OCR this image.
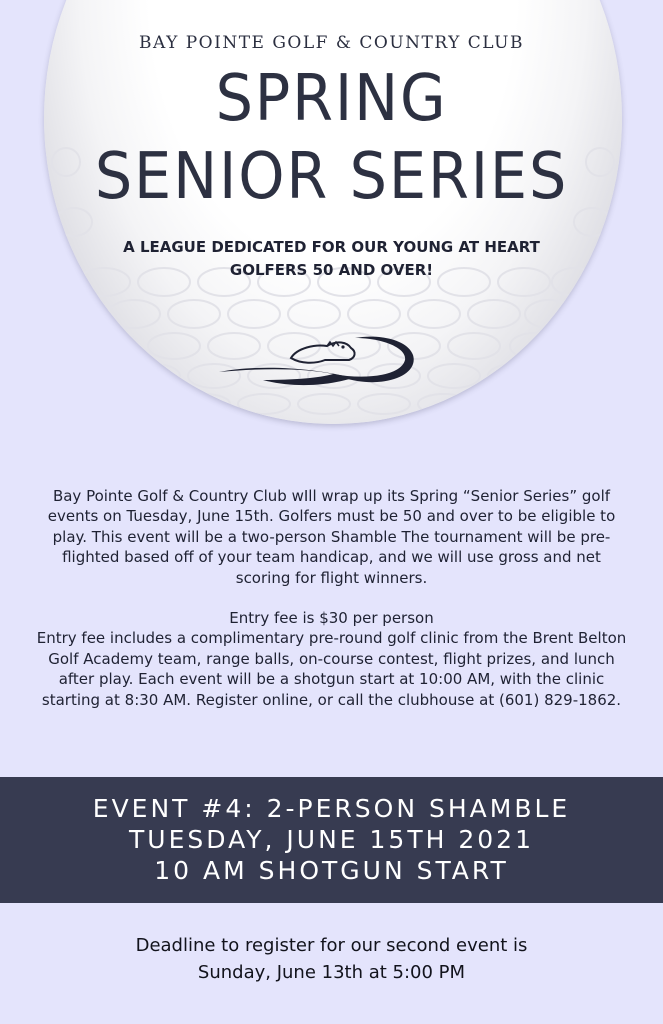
BAY POINTE GOLF & COUNTRY CLUB
SPRING
SENIOR SERIES
A LEAGUE DEDICATED FOR OUR YOUNG AT HEART
GOLFERS 50 AND OVER!

Bay Pointe Golf & Country Club wIll wrap up its Spring “Senior Series” golf events on Tuesday, June 15th. Golfers must be 50 and over to be eligible to play. This event will be a two-person Shamble The tournament will be pre-flighted based off of your team handicap, and we will use gross and net scoring for flight winners.

Entry fee is $30 per person

Entry fee includes a complimentary pre-round golf clinic from the Brent Belton Golf Academy team, range balls, on-course contest, flight prizes, and lunch after play. Each event will be a shotgun start at 10:00 AM, with the clinic starting at 8:30 AM. Register online, or call the clubhouse at (601) 829-1862.

EVENT #4: 2-PERSON SHAMBLE
TUESDAY, JUNE 15TH 2021
10 AM SHOTGUN START
Deadline to register for our second event is
Sunday, June 13th at 5:00 PM
